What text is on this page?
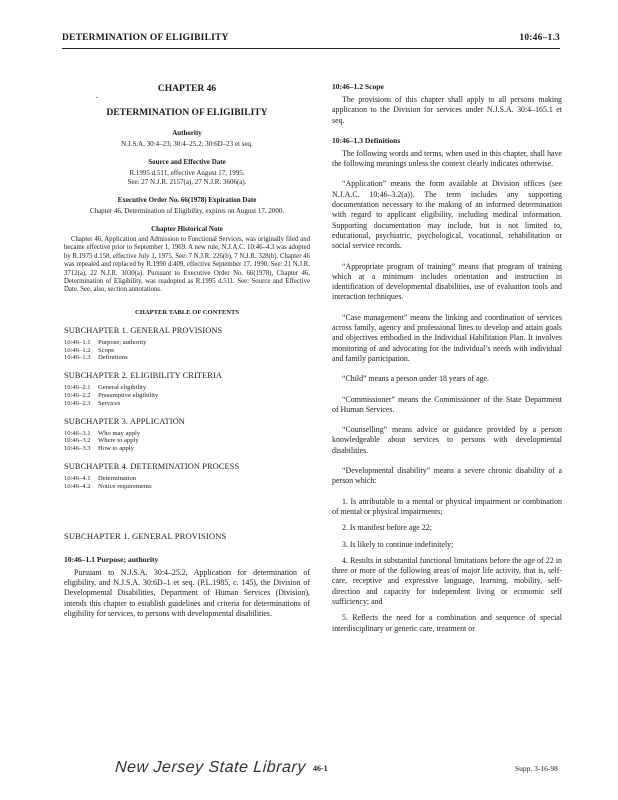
DETERMINATION OF ELIGIBILITY	10:46–1.3
CHAPTER 46
DETERMINATION OF ELIGIBILITY
Authority
N.J.S.A. 30:4–23; 30:4–25.2; 30:6D–23 et seq.
Source and Effective Date
R.1995 d.511, effective August 17, 1995.
See: 27 N.J.R. 2157(a), 27 N.J.R. 3606(a).
Executive Order No. 66(1978) Expiration Date
Chapter 46, Determination of Eligibility, expires on August 17, 2000.
Chapter Historical Note

Chapter 46, Application and Admission to Functional Services, was originally filed and became effective prior to September 1, 1969. A new rule, N.J.A.C. 10:46–4.3 was adopted by R.1975 d.158, effective July 1, 1975. See: 7 N.J.R. 226(b), 7 N.J.R. 328(b). Chapter 46 was repealed and replaced by R.1990 d.409, effective September 17, 1990. See: 21 N.J.R. 3712(a), 22 N.J.R. 3030(a). Pursuant to Executive Order No. 66(1978), Chapter 46, Determination of Eligibility, was readopted as R.1995 d.511. See: Source and Effective Date. See, also, section annotations.

CHAPTER TABLE OF CONTENTS
SUBCHAPTER 1. GENERAL PROVISIONS
10:46–1.1	Purpose; authority
10:46–1.2	Scope
10:46–1.3	Definitions
SUBCHAPTER 2. ELIGIBILITY CRITERIA
10:46–2.1	General eligibility
10:46–2.2	Presumptive eligibility
10:46–2.3	Services
SUBCHAPTER 3. APPLICATION
10:46–3.1	Who may apply
10:46–3.2	Where to apply
10:46–3.3	How to apply
SUBCHAPTER 4. DETERMINATION PROCESS
10:46–4.1	Determination
10:46–4.2	Notice requirements
SUBCHAPTER 1. GENERAL PROVISIONS
10:46–1.1 Purpose; authority

Pursuant to N.J.S.A. 30:4–25.2, Application for determination of eligibility, and N.J.S.A. 30:6D–1 et seq. (P.L.1985, c. 145), the Division of Developmental Disabilities, Department of Human Services (Division), intends this chapter to establish guidelines and criteria for determinations of eligibility for services, to persons with developmental disabilities.

10:46–1.2 Scope

The provisions of this chapter shall apply to all persons making application to the Division for services under N.J.S.A. 30:4–165.1 et seq.

10:46–1.3 Definitions

The following words and terms, when used in this chapter, shall have the following meanings unless the context clearly indicates otherwise.

“Application” means the form available at Division offices (see N.J.A.C. 10:46–3.2(a)). The term includes any supporting documentation necessary to the making of an informed determination with regard to applicant eligibility, including medical information. Supporting documentation may include, but is not limited to, educational, psychiatric, psychological, vocational, rehabilitation or social service records.

“Appropriate program of training” means that program of training which at a minimum includes orientation and instruction in identification of developmental disabilities, use of evaluation tools and interaction techniques.

“Case management” means the linking and coordination of services across family, agency and professional lines to develop and attain goals and objectives embodied in the Individual Habilitation Plan. It involves monitoring of and advocating for the individual’s needs with individual and family participation.

“Child” means a person under 18 years of age.

“Commissioner” means the Commissioner of the State Department of Human Services.

“Counselling” means advice or guidance provided by a person knowledgeable about services to persons with developmental disabilities.

“Developmental disability” means a severe chronic disability of a person which:

1. Is attributable to a mental or physical impairment or combination of mental or physical impairments;

2. Is manifest before age 22;

3. Is likely to continue indefinitely;

4. Results in substantial functional limitations before the age of 22 in three or more of the following areas of major life activity, that is, self-care, receptive and expressive language, learning, mobility, self-direction and capacity for independent living or economic self sufficiency; and

5. Reflects the need for a combination and sequence of special interdisciplinary or generic care, treatment or

New Jersey State Library 46-1	Supp. 3-16-98
